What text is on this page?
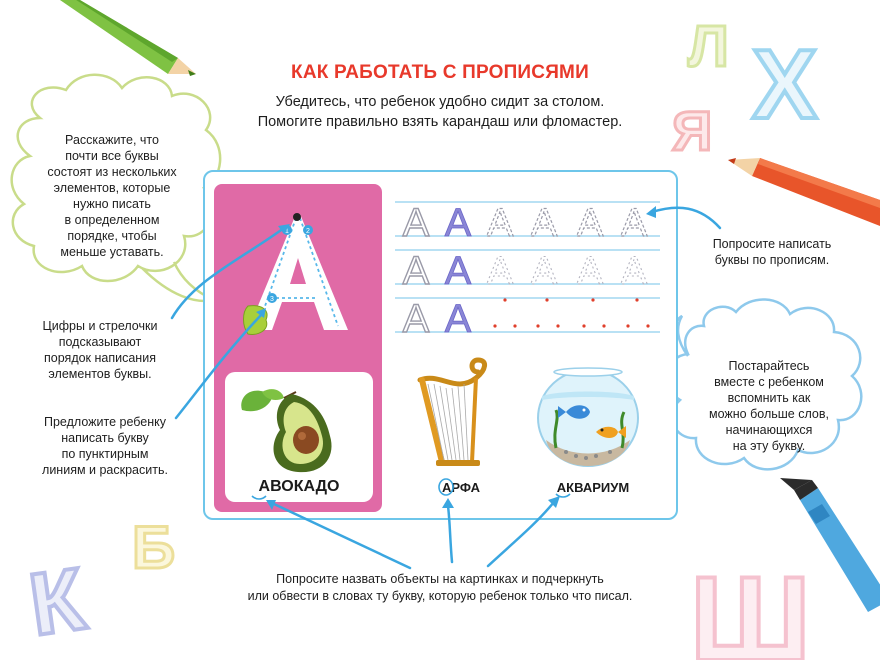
Л Х
Я
К
Б
Ш
КАК РАБОТАТЬ С ПРОПИСЯМИ
Убедитесь, что ребенок удобно сидит за столом.
Помогите правильно взять карандаш или фломастер.
Расскажите, что
почти все буквы
состоят из нескольких
элементов, которые
нужно писать
в определенном
порядке, чтобы
меньше уставать.
Цифры и стрелочки
подсказывают
порядок написания
элементов буквы.
Предложите ребенку
написать букву
по пунктирным
линиям и раскрасить.
Попросите написать
буквы по прописям.
Постарайтесь
вместе с ребенком
вспомнить как
можно больше слов,
начинающихся
на эту букву.
Попросите назвать объекты на картинках и подчеркнуть
или обвести в словах ту букву, которую ребенок только что писал.
1 2
3
А А А А А А
А А А А А А
А А
АВОКАДО	АРФА	АКВАРИУМ
